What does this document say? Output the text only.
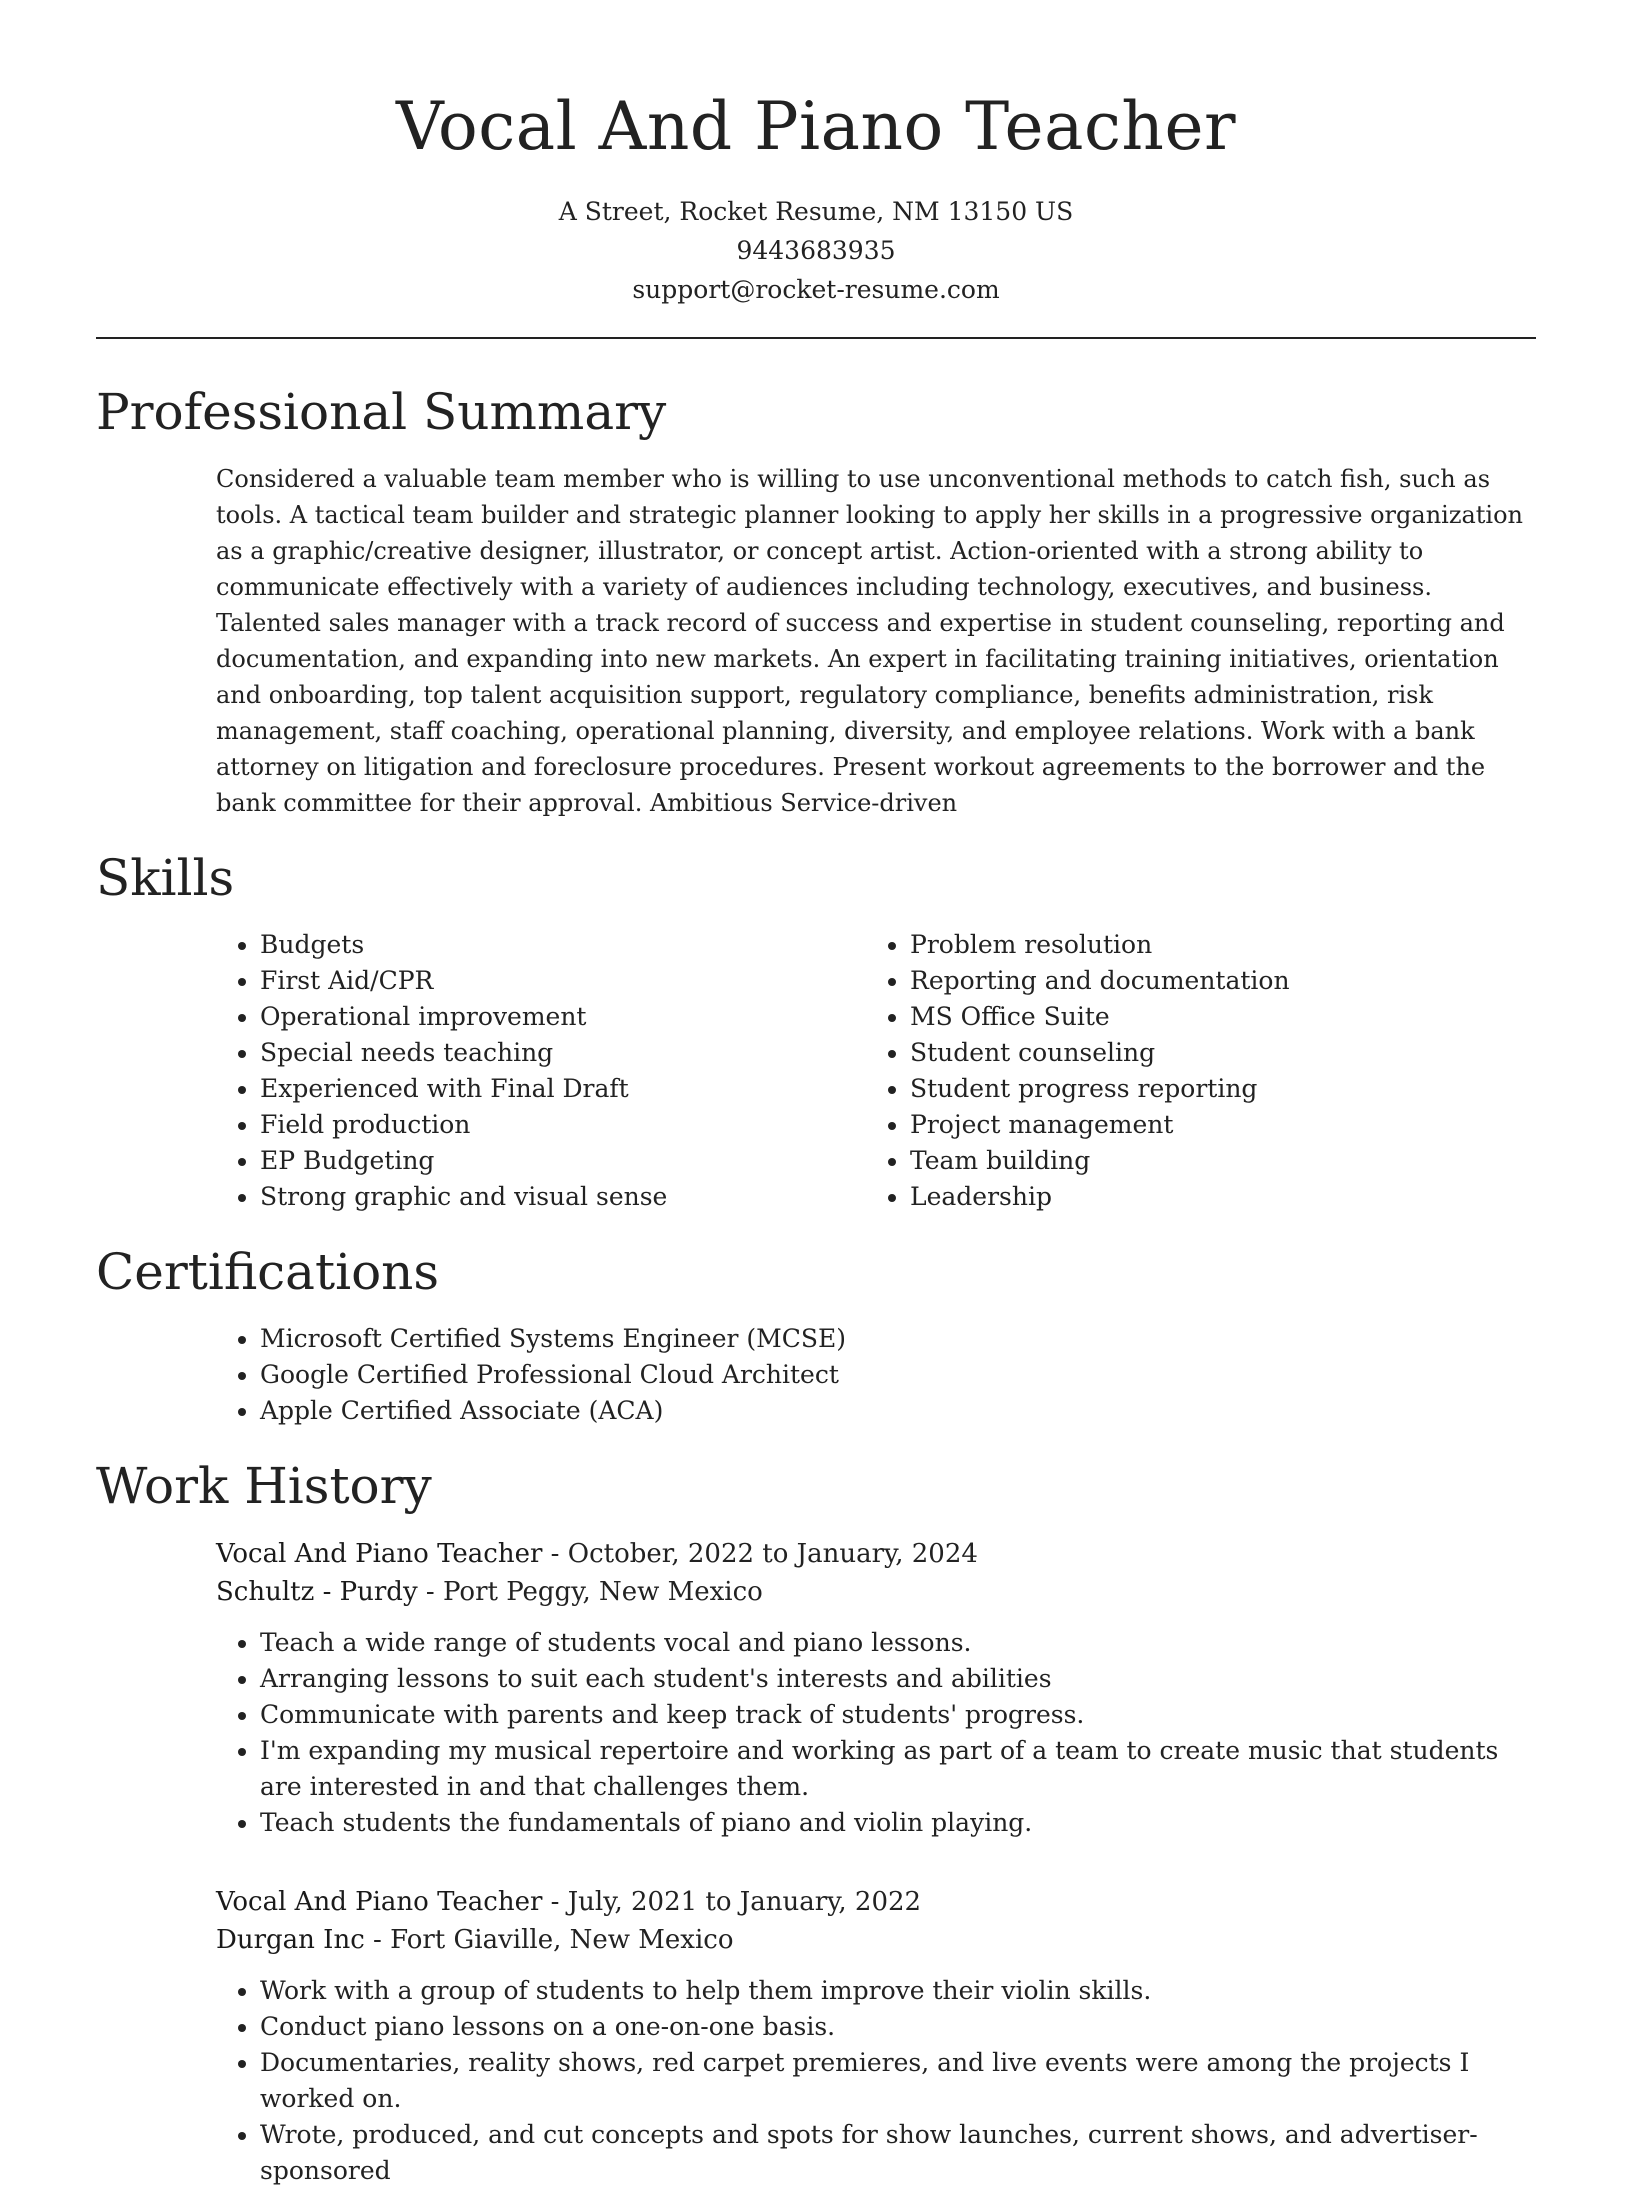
Vocal And Piano Teacher
A Street, Rocket Resume, NM 13150 US
9443683935
support@rocket-resume.com
Professional Summary

Considered a valuable team member who is willing to use unconventional methods to catch fish, such as tools. A tactical team builder and strategic planner looking to apply her skills in a progressive organization as a graphic/creative designer, illustrator, or concept artist. Action-oriented with a strong ability to communicate effectively with a variety of audiences including technology, executives, and business. Talented sales manager with a track record of success and expertise in student counseling, reporting and documentation, and expanding into new markets. An expert in facilitating training initiatives, orientation and onboarding, top talent acquisition support, regulatory compliance, benefits administration, risk management, staff coaching, operational planning, diversity, and employee relations. Work with a bank attorney on litigation and foreclosure procedures. Present workout agreements to the borrower and the bank committee for their approval. Ambitious Service-driven

Skills
• Budgets
• First Aid/CPR
• Operational improvement
• Special needs teaching
• Experienced with Final Draft
• Field production
• EP Budgeting
• Strong graphic and visual sense
• Problem resolution
• Reporting and documentation
• MS Office Suite
• Student counseling
• Student progress reporting
• Project management
• Team building
• Leadership
Certifications
• Microsoft Certified Systems Engineer (MCSE)
• Google Certified Professional Cloud Architect
• Apple Certified Associate (ACA)
Work History
Vocal And Piano Teacher - October, 2022 to January, 2024
Schultz - Purdy - Port Peggy, New Mexico
• Teach a wide range of students vocal and piano lessons.
• Arranging lessons to suit each student's interests and abilities
• Communicate with parents and keep track of students' progress.
• I'm expanding my musical repertoire and working as part of a team to create music that students are interested in and that challenges them.
• Teach students the fundamentals of piano and violin playing.
Vocal And Piano Teacher - July, 2021 to January, 2022
Durgan Inc - Fort Giaville, New Mexico
• Work with a group of students to help them improve their violin skills.
• Conduct piano lessons on a one-on-one basis.
• Documentaries, reality shows, red carpet premieres, and live events were among the projects I worked on.
• Wrote, produced, and cut concepts and spots for show launches, current shows, and advertiser-sponsored
